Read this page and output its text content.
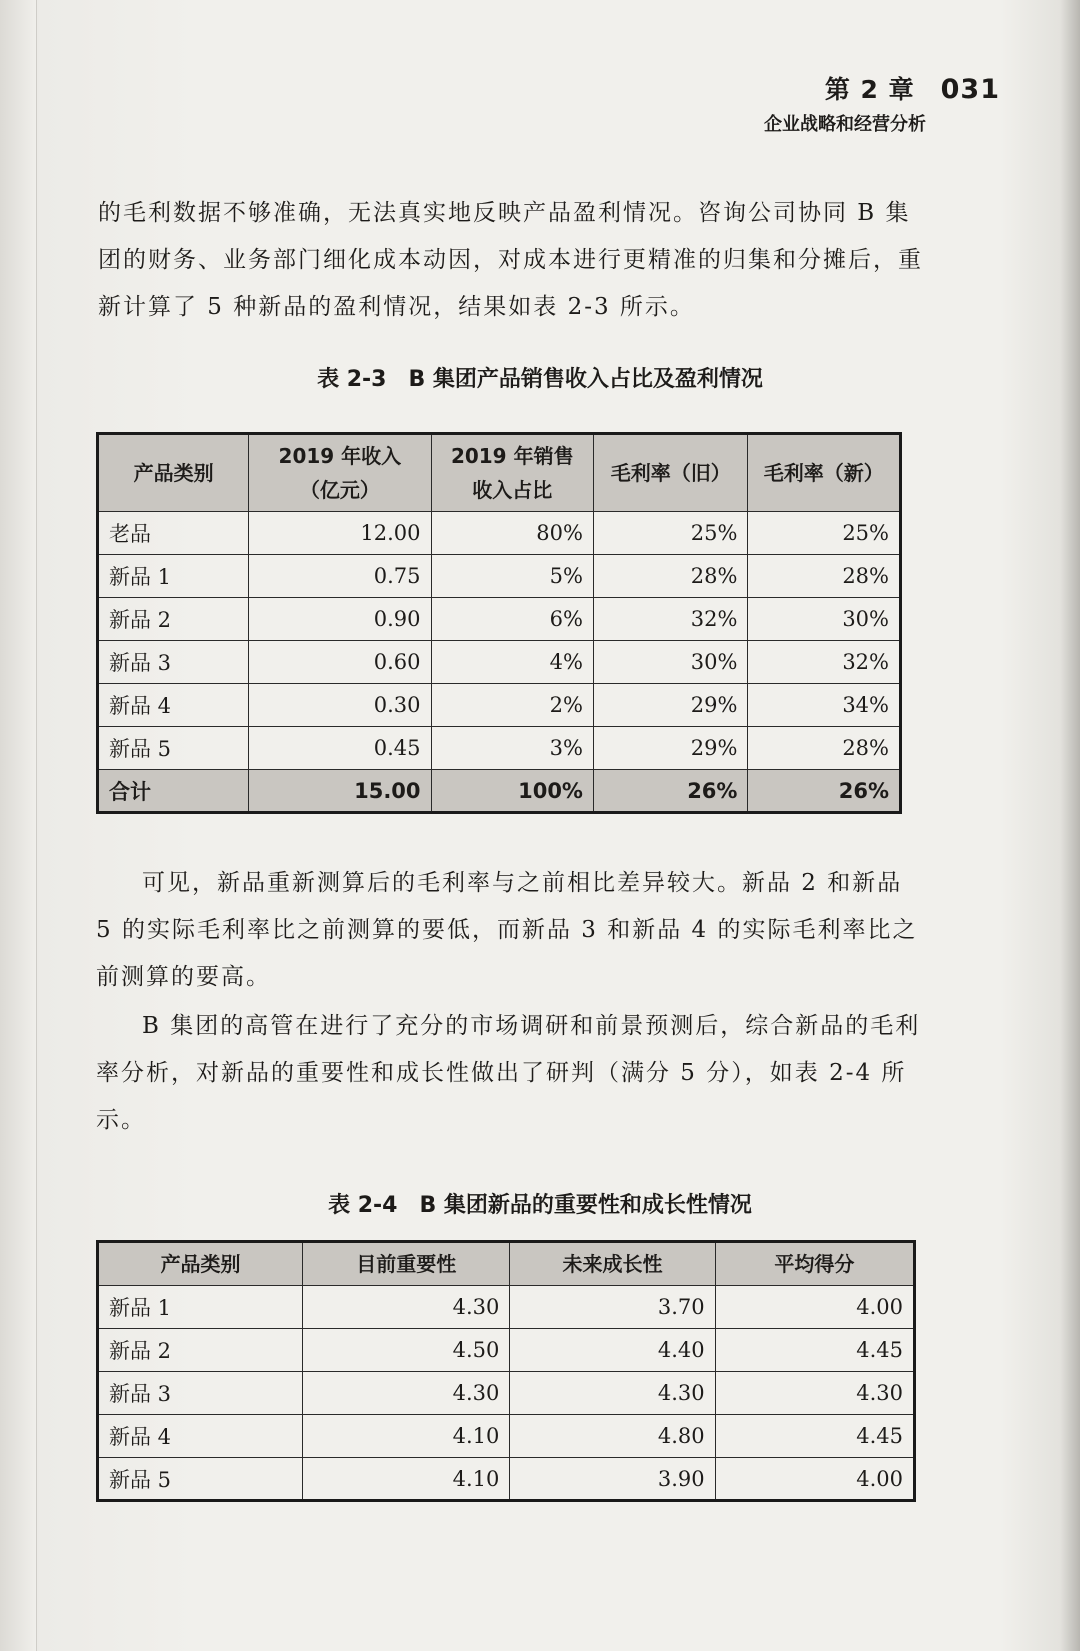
第 2 章 031
企业战略和经营分析

的毛利数据不够准确，无法真实地反映产品盈利情况。咨询公司协同 B 集团的财务、业务部门细化成本动因，对成本进行更精准的归集和分摊后，重新计算了 5 种新品的盈利情况，结果如表 2-3 所示。

表 2-3　B 集团产品销售收入占比及盈利情况
产品类别	2019 年收入（亿元）	2019 年销售收入占比	毛利率（旧）	毛利率（新）
老品	12.00	80%	25%	25%
新品 1	0.75	5%	28%	28%
新品 2	0.90	6%	32%	30%
新品 3	0.60	4%	30%	32%
新品 4	0.30	2%	29%	34%
新品 5	0.45	3%	29%	28%
合计	15.00	100%	26%	26%

可见，新品重新测算后的毛利率与之前相比差异较大。新品 2 和新品 5 的实际毛利率比之前测算的要低，而新品 3 和新品 4 的实际毛利率比之前测算的要高。

B 集团的高管在进行了充分的市场调研和前景预测后，综合新品的毛利率分析，对新品的重要性和成长性做出了研判（满分 5 分），如表 2-4 所示。

表 2-4　B 集团新品的重要性和成长性情况
产品类别	目前重要性	未来成长性	平均得分
新品 1	4.30	3.70	4.00
新品 2	4.50	4.40	4.45
新品 3	4.30	4.30	4.30
新品 4	4.10	4.80	4.45
新品 5	4.10	3.90	4.00
